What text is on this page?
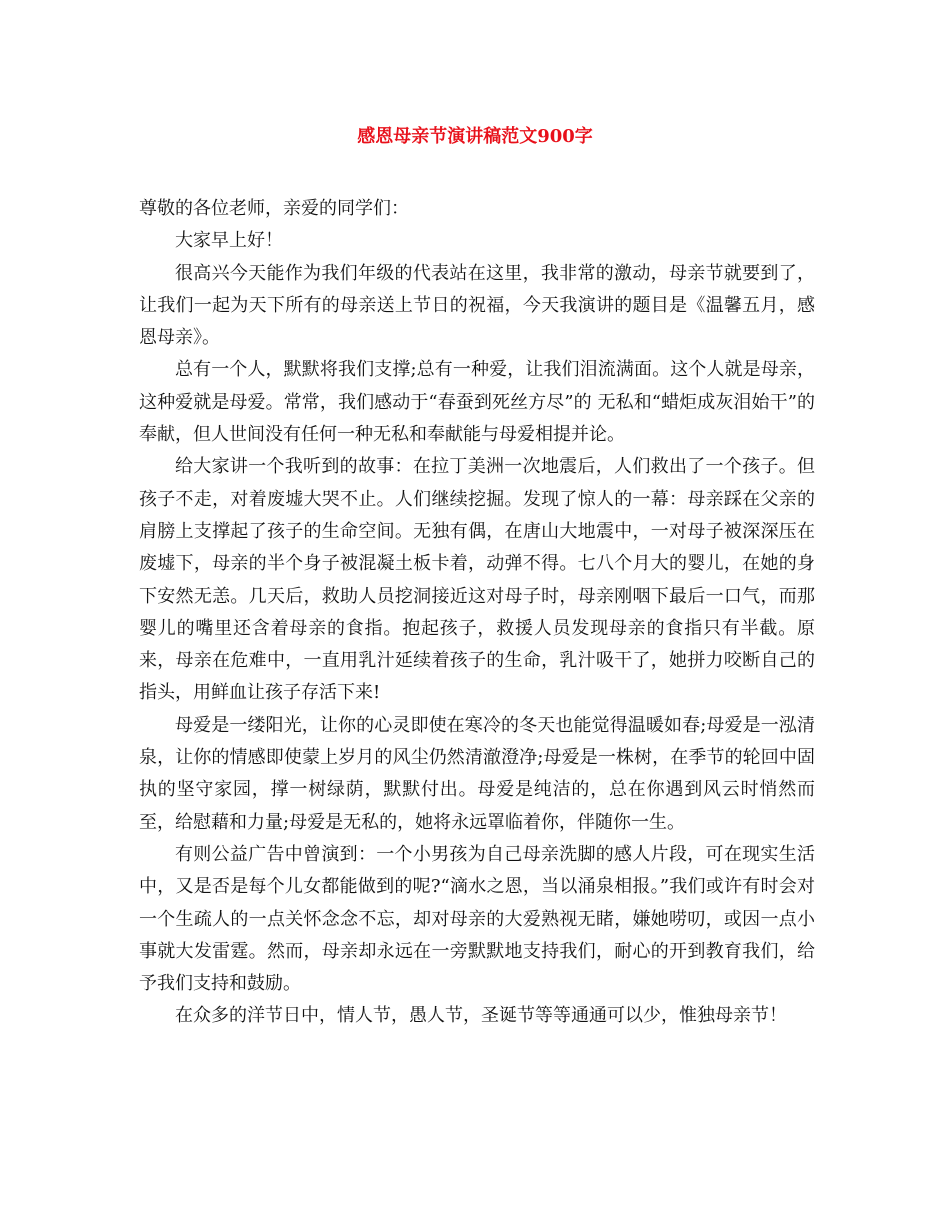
感恩母亲节演讲稿范文900字

尊敬的各位老师，亲爱的同学们：

大家早上好！

很高兴今天能作为我们年级的代表站在这里，我非常的激动，母亲节就要到了，让我们一起为天下所有的母亲送上节日的祝福，今天我演讲的题目是《温馨五月，感恩母亲》。

总有一个人，默默将我们支撑;总有一种爱，让我们泪流满面。这个人就是母亲，这种爱就是母爱。常常，我们感动于“春蚕到死丝方尽”的 无私和“蜡炬成灰泪始干”的奉献，但人世间没有任何一种无私和奉献能与母爱相提并论。

给大家讲一个我听到的故事：在拉丁美洲一次地震后，人们救出了一个孩子。但孩子不走，对着废墟大哭不止。人们继续挖掘。发现了惊人的一幕：母亲踩在父亲的肩膀上支撑起了孩子的生命空间。无独有偶，在唐山大地震中，一对母子被深深压在废墟下，母亲的半个身子被混凝土板卡着，动弹不得。七八个月大的婴儿，在她的身下安然无恙。几天后，救助人员挖洞接近这对母子时，母亲刚咽下最后一口气，而那婴儿的嘴里还含着母亲的食指。抱起孩子，救援人员发现母亲的食指只有半截。原来，母亲在危难中，一直用乳汁延续着孩子的生命，乳汁吸干了，她拼力咬断自己的指头，用鲜血让孩子存活下来!

母爱是一缕阳光，让你的心灵即使在寒冷的冬天也能觉得温暖如春;母爱是一泓清泉，让你的情感即使蒙上岁月的风尘仍然清澈澄净;母爱是一株树，在季节的轮回中固执的坚守家园，撑一树绿荫，默默付出。母爱是纯洁的，总在你遇到风云时悄然而至，给慰藉和力量;母爱是无私的，她将永远罩临着你，伴随你一生。

有则公益广告中曾演到：一个小男孩为自己母亲洗脚的感人片段，可在现实生活中，又是否是每个儿女都能做到的呢?“滴水之恩，当以涌泉相报。”我们或许有时会对一个生疏人的一点关怀念念不忘，却对母亲的大爱熟视无睹，嫌她唠叨，或因一点小事就大发雷霆。然而，母亲却永远在一旁默默地支持我们，耐心的开到教育我们，给予我们支持和鼓励。

在众多的洋节日中，情人节，愚人节，圣诞节等等通通可以少，惟独母亲节！
